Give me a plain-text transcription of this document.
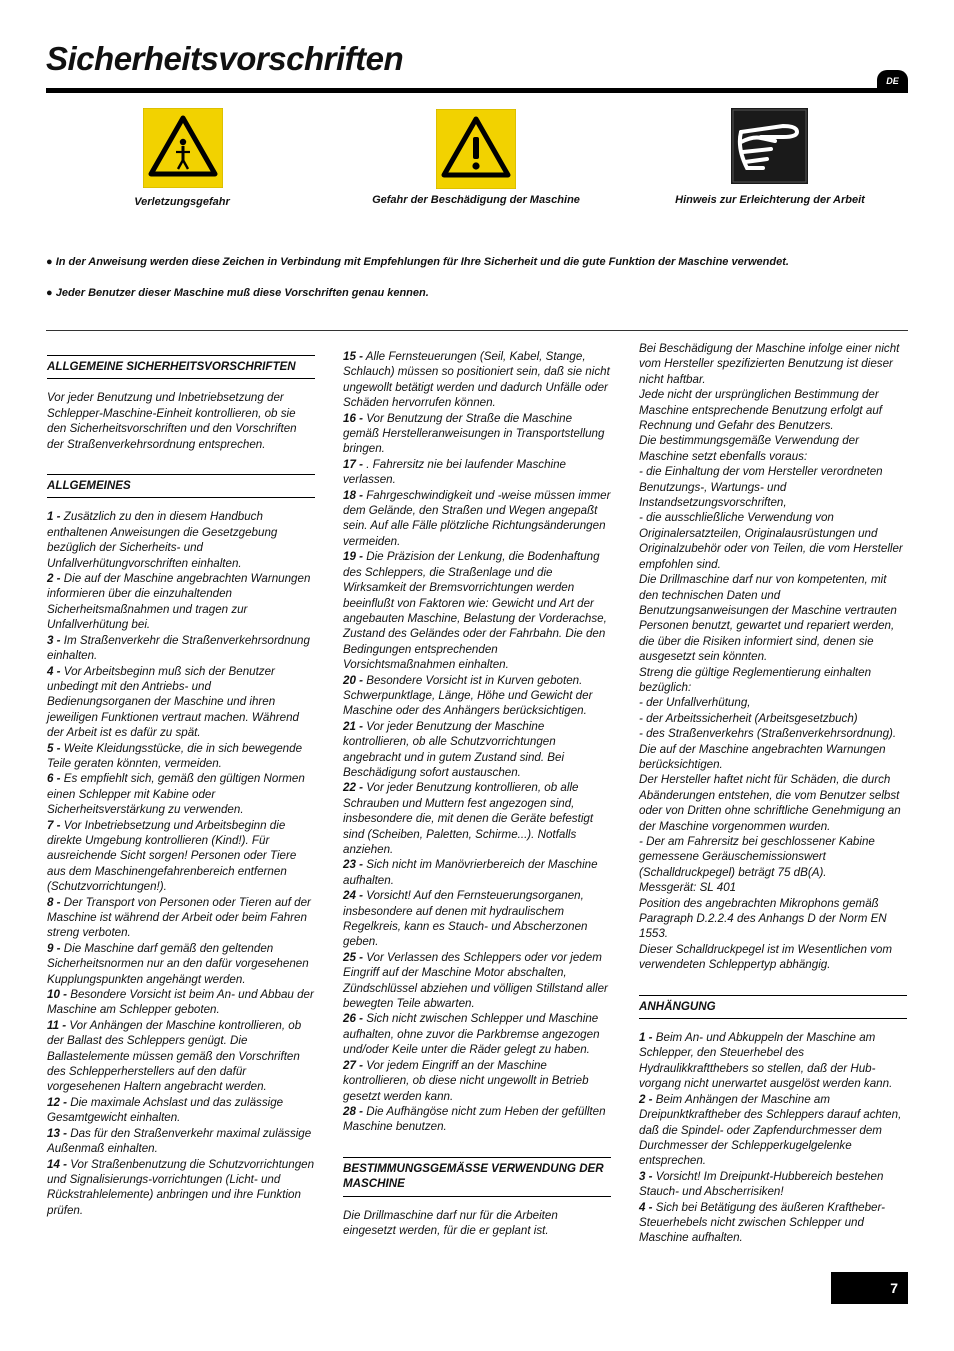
Sicherheitsvorschriften
DE

Verletzungsgefahr	Gefahr der Beschädigung der Maschine	Hinweis zur Erleichterung der Arbeit

● In der Anweisung werden diese Zeichen in Verbindung mit Empfehlungen für Ihre Sicherheit und die gute Funktion der Maschine verwendet.

● Jeder Benutzer dieser Maschine muß diese Vorschriften genau kennen.

ALLGEMEINE SICHERHEITSVORSCHRIFTEN

Vor jeder Benutzung und Inbetriebsetzung der Schlepper-Maschine-Einheit kontrollieren, ob sie den Sicherheitsvorschriften und den Vorschriften der Straßenverkehrsordnung entsprechen.

ALLGEMEINES

1 - Zusätzlich zu den in diesem Handbuch enthaltenen Anweisungen die Gesetzgebung bezüglich der Sicherheits- und Unfallverhütungvorschriften einhalten.

2 - Die auf der Maschine angebrachten Warnungen informieren über die einzuhaltenden Sicherheitsmaßnahmen und tragen zur Unfallverhütung bei.

3 - Im Straßenverkehr die Straßenverkehrsordnung einhalten.

4 - Vor Arbeitsbeginn muß sich der Benutzer unbedingt mit den Antriebs- und Bedienungsorganen der Maschine und ihren jeweiligen Funktionen vertraut machen. Während der Arbeit ist es dafür zu spät.

5 - Weite Kleidungsstücke, die in sich bewegende Teile geraten könnten, vermeiden.

6 - Es empfiehlt sich, gemäß den gültigen Normen einen Schlepper mit Kabine oder Sicherheitsverstärkung zu verwenden.

7 - Vor Inbetriebsetzung und Arbeitsbeginn die direkte Umgebung kontrollieren (Kind!). Für ausreichende Sicht sorgen! Personen oder Tiere aus dem Maschinengefahrenbereich entfernen (Schutzvorrichtungen!).

8 - Der Transport von Personen oder Tieren auf der Maschine ist während der Arbeit oder beim Fahren streng verboten.

9 - Die Maschine darf gemäß den geltenden Sicherheitsnormen nur an den dafür vorgesehenen Kupplungspunkten angehängt werden.

10 - Besondere Vorsicht ist beim An- und Abbau der Maschine am Schlepper geboten.

11 - Vor Anhängen der Maschine kontrollieren, ob der Ballast des Schleppers genügt. Die Ballastelemente müssen gemäß den Vorschriften des Schlepperherstellers auf den dafür vorgesehenen Haltern angebracht werden.

12 - Die maximale Achslast und das zulässige Gesamtgewicht einhalten.

13 - Das für den Straßenverkehr maximal zulässige Außenmaß einhalten.

14 - Vor Straßenbenutzung die Schutzvorrichtungen und Signalisierungs-vorrichtungen (Licht- und Rückstrahlelemente) anbringen und ihre Funktion prüfen.

15 - Alle Fernsteuerungen (Seil, Kabel, Stange, Schlauch) müssen so positioniert sein, daß sie nicht ungewollt betätigt werden und dadurch Unfälle oder Schäden hervorrufen können.

16 - Vor Benutzung der Straße die Maschine gemäß Herstelleranweisungen in Transportstellung bringen.

17 - . Fahrersitz nie bei laufender Maschine verlassen.

18 - Fahrgeschwindigkeit und -weise müssen immer dem Gelände, den Straßen und Wegen angepaßt sein. Auf alle Fälle plötzliche Richtungsänderungen vermeiden.

19 - Die Präzision der Lenkung, die Bodenhaftung des Schleppers, die Straßenlage und die Wirksamkeit der Bremsvorrichtungen werden beeinflußt von Faktoren wie: Gewicht und Art der angebauten Maschine, Belastung der Vorderachse, Zustand des Geländes oder der Fahrbahn. Die den Bedingungen entsprechenden Vorsichtsmaßnahmen einhalten.

20 - Besondere Vorsicht ist in Kurven geboten. Schwerpunktlage, Länge, Höhe und Gewicht der Maschine oder des Anhängers berücksichtigen.

21 - Vor jeder Benutzung der Maschine kontrollieren, ob alle Schutzvorrichtungen angebracht und in gutem Zustand sind. Bei Beschädigung sofort austauschen.

22 - Vor jeder Benutzung kontrollieren, ob alle Schrauben und Muttern fest angezogen sind, insbesondere die, mit denen die Geräte befestigt sind (Scheiben, Paletten, Schirme...). Notfalls anziehen.

23 - Sich nicht im Manövrierbereich der Maschine aufhalten.

24 - Vorsicht! Auf den Fernsteuerungsorganen, insbesondere auf denen mit hydraulischem Regelkreis, kann es Stauch- und Abscherzonen geben.

25 - Vor Verlassen des Schleppers oder vor jedem Eingriff auf der Maschine Motor abschalten, Zündschlüssel abziehen und völligen Stillstand aller bewegten Teile abwarten.

26 - Sich nicht zwischen Schlepper und Maschine aufhalten, ohne zuvor die Parkbremse angezogen und/oder Keile unter die Räder gelegt zu haben.

27 - Vor jedem Eingriff an der Maschine kontrollieren, ob diese nicht ungewollt in Betrieb gesetzt werden kann.

28 - Die Aufhängöse nicht zum Heben der gefüllten Maschine benutzen.

BESTIMMUNGSGEMÄSSE VERWENDUNG DER MASCHINE

Die Drillmaschine darf nur für die Arbeiten eingesetzt werden, für die er geplant ist.

Bei Beschädigung der Maschine infolge einer nicht vom Hersteller spezifizierten Benutzung ist dieser nicht haftbar.

Jede nicht der ursprünglichen Bestimmung der Maschine entsprechende Benutzung erfolgt auf Rechnung und Gefahr des Benutzers.

Die bestimmungsgemäße Verwendung der Maschine setzt ebenfalls voraus:

- die Einhaltung der vom Hersteller verordneten Benutzungs-, Wartungs- und Instandsetzungsvorschriften,

- die ausschließliche Verwendung von Originalersatzteilen, Originalausrüstungen und Originalzubehör oder von Teilen, die vom Hersteller empfohlen sind.

Die Drillmaschine darf nur von kompetenten, mit den technischen Daten und Benutzungsanweisungen der Maschine vertrauten Personen benutzt, gewartet und repariert werden, die über die Risiken informiert sind, denen sie ausgesetzt sein könnten.

Streng die gültige Reglementierung einhalten bezüglich:

- der Unfallverhütung,

- der Arbeitssicherheit (Arbeitsgesetzbuch)

- des Straßenverkehrs (Straßenverkehrsordnung).

Die auf der Maschine angebrachten Warnungen berücksichtigen.

Der Hersteller haftet nicht für Schäden, die durch Abänderungen entstehen, die vom Benutzer selbst oder von Dritten ohne schriftliche Genehmigung an der Maschine vorgenommen wurden.

- Der am Fahrersitz bei geschlossener Kabine gemessene Geräuschemissionswert (Schalldruckpegel) beträgt 75 dB(A).

Messgerät: SL 401

Position des angebrachten Mikrophons gemäß Paragraph D.2.2.4 des Anhangs D der Norm EN 1553.

Dieser Schalldruckpegel ist im Wesentlichen vom verwendeten Schleppertyp abhängig.

ANHÄNGUNG

1 - Beim An- und Abkuppeln der Maschine am Schlepper, den Steuerhebel des Hydraulikkraftthebers so stellen, daß der Hub-vorgang nicht unerwartet ausgelöst werden kann.

2 - Beim Anhängen der Maschine am Dreipunktkraftheber des Schleppers darauf achten, daß die Spindel- oder Zapfendurchmesser dem Durchmesser der Schlepperkugelgelenke entsprechen.

3 - Vorsicht! Im Dreipunkt-Hubbereich bestehen Stauch- und Abscherrisiken!

4 - Sich bei Betätigung des äußeren Kraftheber-Steuerhebels nicht zwischen Schlepper und Maschine aufhalten.

7
